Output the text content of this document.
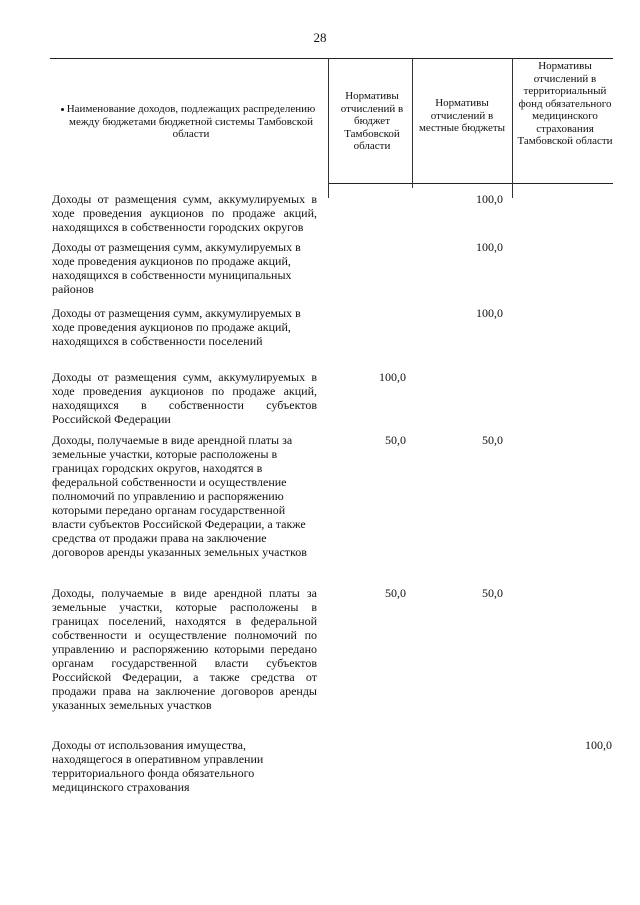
28
Наименование доходов, подлежащих распределению между бюджетами бюджетной системы Тамбовской области
Нормативы отчислений в бюджет Тамбовской области
Нормативы отчислений в местные бюджеты
Нормативы отчислений в территориальный фонд обязательного медицинского страхования Тамбовской области
Доходы от размещения сумм, аккумулируемых в ходе проведения аукционов по продаже акций, находящихся в собственности городских округов
100,0
Доходы от размещения сумм, аккумулируемых в ходе проведения аукционов по продаже акций, находящихся в собственности муниципальных районов
100,0
Доходы от размещения сумм, аккумулируемых в ходе проведения аукционов по продаже акций, находящихся в собственности поселений
100,0
Доходы от размещения сумм, аккумулируемых в ходе проведения аукционов по продаже акций, находящихся в собственности субъектов Российской Федерации
100,0
Доходы, получаемые в виде арендной платы за земельные участки, которые расположены в границах городских округов, находятся в федеральной собственности и осуществление полномочий по управлению и распоряжению которыми передано органам государственной власти субъектов Российской Федерации, а также средства от продажи права на заключение договоров аренды указанных земельных участков
50,0	50,0
Доходы, получаемые в виде арендной платы за земельные участки, которые расположены в границах поселений, находятся в федеральной собственности и осуществление полномочий по управлению и распоряжению которыми передано органам государственной власти субъектов Российской Федерации, а также средства от продажи права на заключение договоров аренды указанных земельных участков
50,0	50,0
Доходы от использования имущества, находящегося в оперативном управлении территориального фонда обязательного медицинского страхования
100,0
